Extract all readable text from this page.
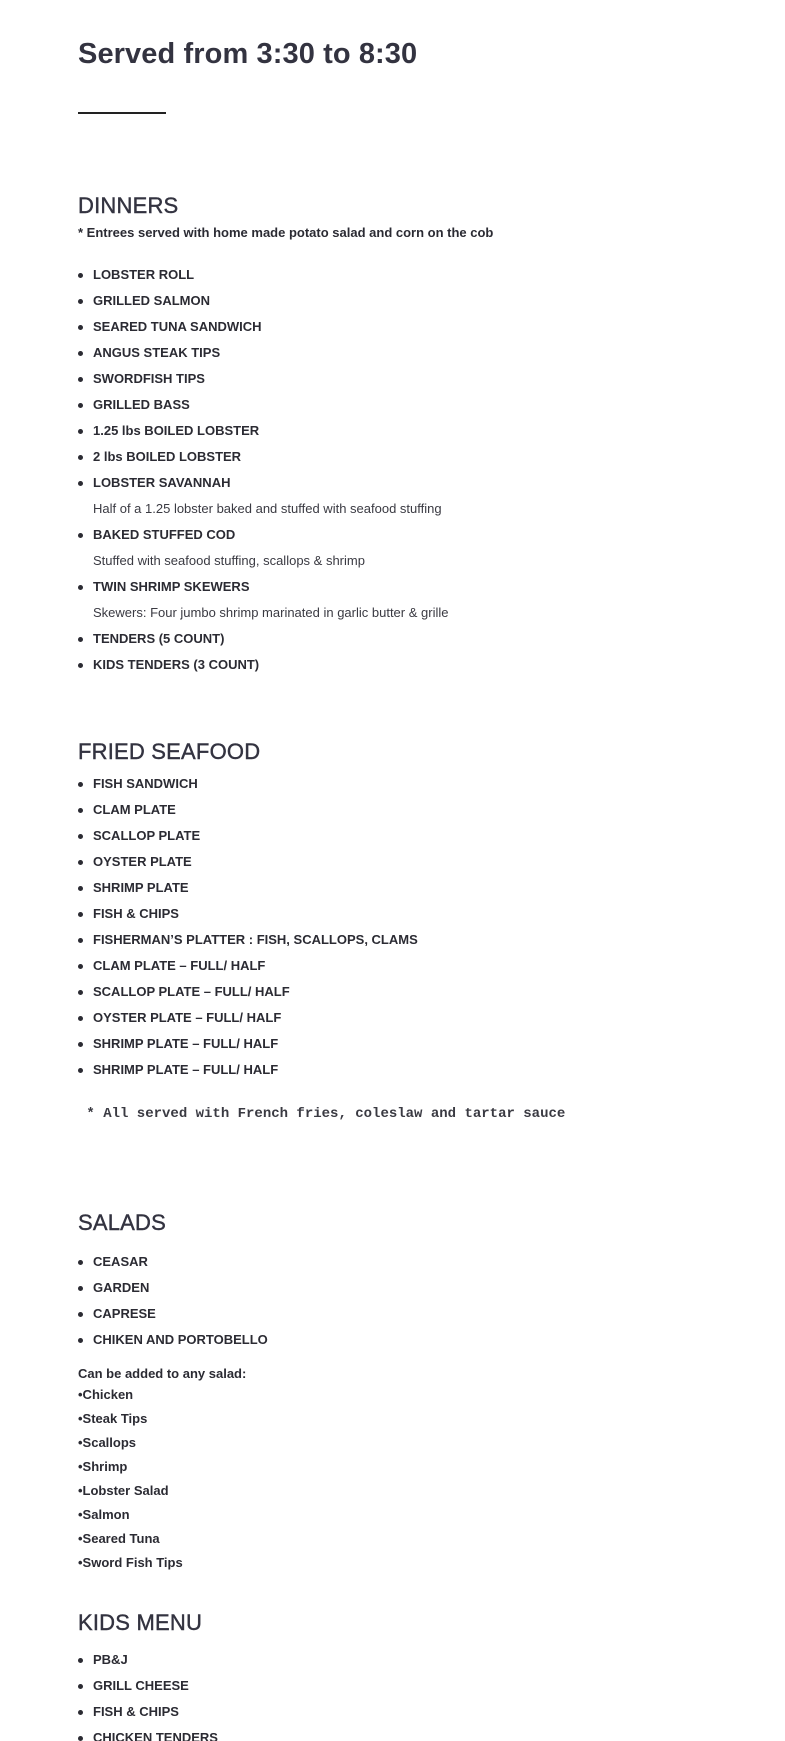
Served from 3:30 to 8:30
DINNERS
* Entrees served with home made potato salad and corn on the cob
LOBSTER ROLL
GRILLED SALMON
SEARED TUNA SANDWICH
ANGUS STEAK TIPS
SWORDFISH TIPS
GRILLED BASS
1.25 lbs BOILED LOBSTER
2 lbs BOILED LOBSTER
LOBSTER SAVANNAH
Half of a 1.25 lobster baked and stuffed with seafood stuffing
BAKED STUFFED COD
Stuffed with seafood stuffing, scallops & shrimp
TWIN SHRIMP SKEWERS
Skewers: Four jumbo shrimp marinated in garlic butter & grille
TENDERS (5 COUNT)
KIDS TENDERS (3 COUNT)
FRIED SEAFOOD
FISH SANDWICH
CLAM PLATE
SCALLOP PLATE
OYSTER PLATE
SHRIMP PLATE
FISH & CHIPS
FISHERMAN’S PLATTER : FISH, SCALLOPS, CLAMS
CLAM PLATE – FULL/ HALF
SCALLOP PLATE – FULL/ HALF
OYSTER PLATE – FULL/ HALF
SHRIMP PLATE – FULL/ HALF
SHRIMP PLATE – FULL/ HALF
* All served with French fries, coleslaw and tartar sauce
SALADS
CEASAR
GARDEN
CAPRESE
CHIKEN AND PORTOBELLO
Can be added to any salad:
•Chicken
•Steak Tips
•Scallops
•Shrimp
•Lobster Salad
•Salmon
•Seared Tuna
•Sword Fish Tips
KIDS MENU
PB&J
GRILL CHEESE
FISH & CHIPS
CHICKEN TENDERS
